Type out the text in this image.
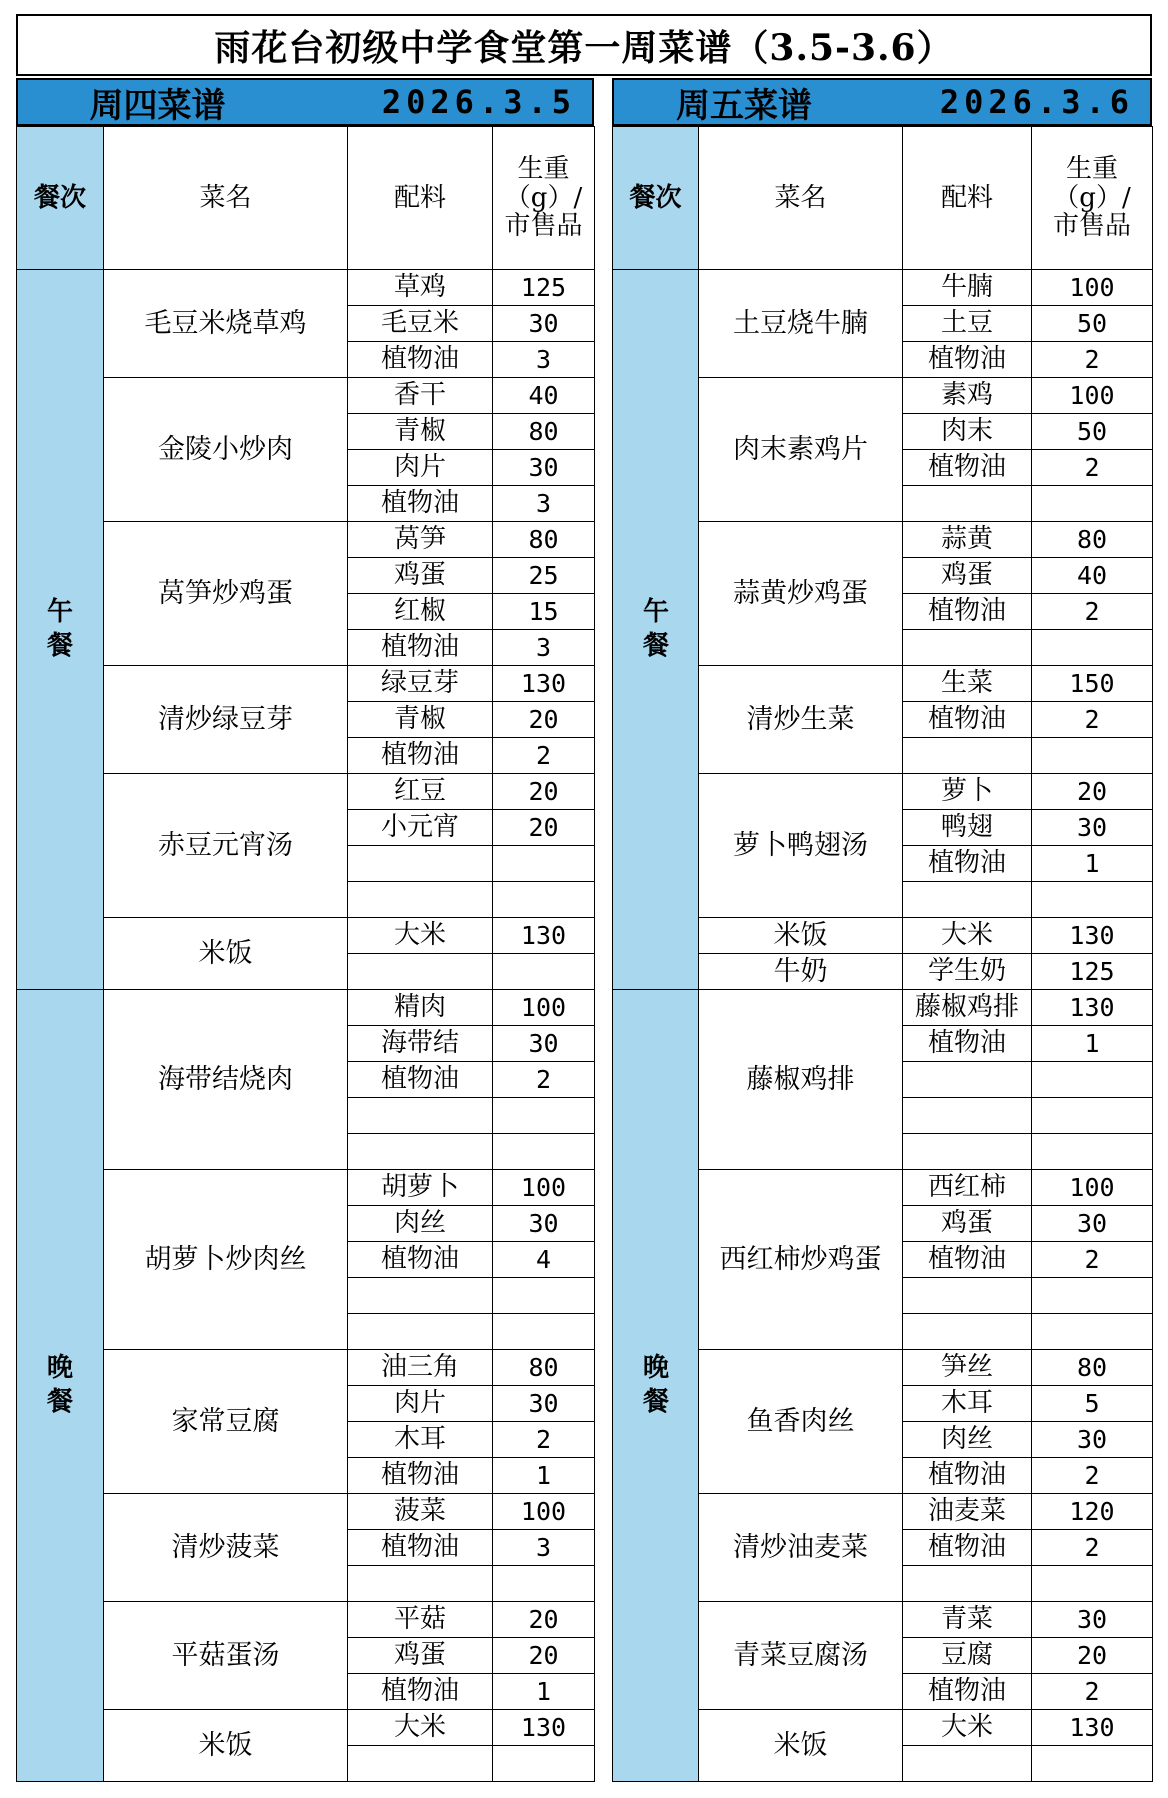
雨花台初级中学食堂第一周菜谱（3.5-3.6）
周四菜谱	2026.3.5
餐次	菜名	配料	生重（g）/市售品
午餐	毛豆米烧草鸡	草鸡	125
		毛豆米	30
		植物油	3
	金陵小炒肉	香干	40
		青椒	80
		肉片	30
		植物油	3
	莴笋炒鸡蛋	莴笋	80
		鸡蛋	25
		红椒	15
		植物油	3
	清炒绿豆芽	绿豆芽	130
		青椒	20
		植物油	2
	赤豆元宵汤	红豆	20
		小元宵	20

	米饭	大米	130

晚餐	海带结烧肉	精肉	100
		海带结	30
		植物油	2

	胡萝卜炒肉丝	胡萝卜	100
		肉丝	30
		植物油	4

	家常豆腐	油三角	80
		肉片	30
		木耳	2
		植物油	1
	清炒菠菜	菠菜	100
		植物油	3

	平菇蛋汤	平菇	20
		鸡蛋	20
		植物油	1
	米饭	大米	130

周五菜谱	2026.3.6
餐次	菜名	配料	生重（g）/市售品
午餐	土豆烧牛腩	牛腩	100
		土豆	50
		植物油	2
	肉末素鸡片	素鸡	100
		肉末	50
		植物油	2

	蒜黄炒鸡蛋	蒜黄	80
		鸡蛋	40
		植物油	2

	清炒生菜	生菜	150
		植物油	2

	萝卜鸭翅汤	萝卜	20
		鸭翅	30
		植物油	1

	米饭	大米	130
	牛奶	学生奶	125
晚餐	藤椒鸡排	藤椒鸡排	130
		植物油	1

	西红柿炒鸡蛋	西红柿	100
		鸡蛋	30
		植物油	2

	鱼香肉丝	笋丝	80
		木耳	5
		肉丝	30
		植物油	2
	清炒油麦菜	油麦菜	120
		植物油	2

	青菜豆腐汤	青菜	30
		豆腐	20
		植物油	2
	米饭	大米	130
